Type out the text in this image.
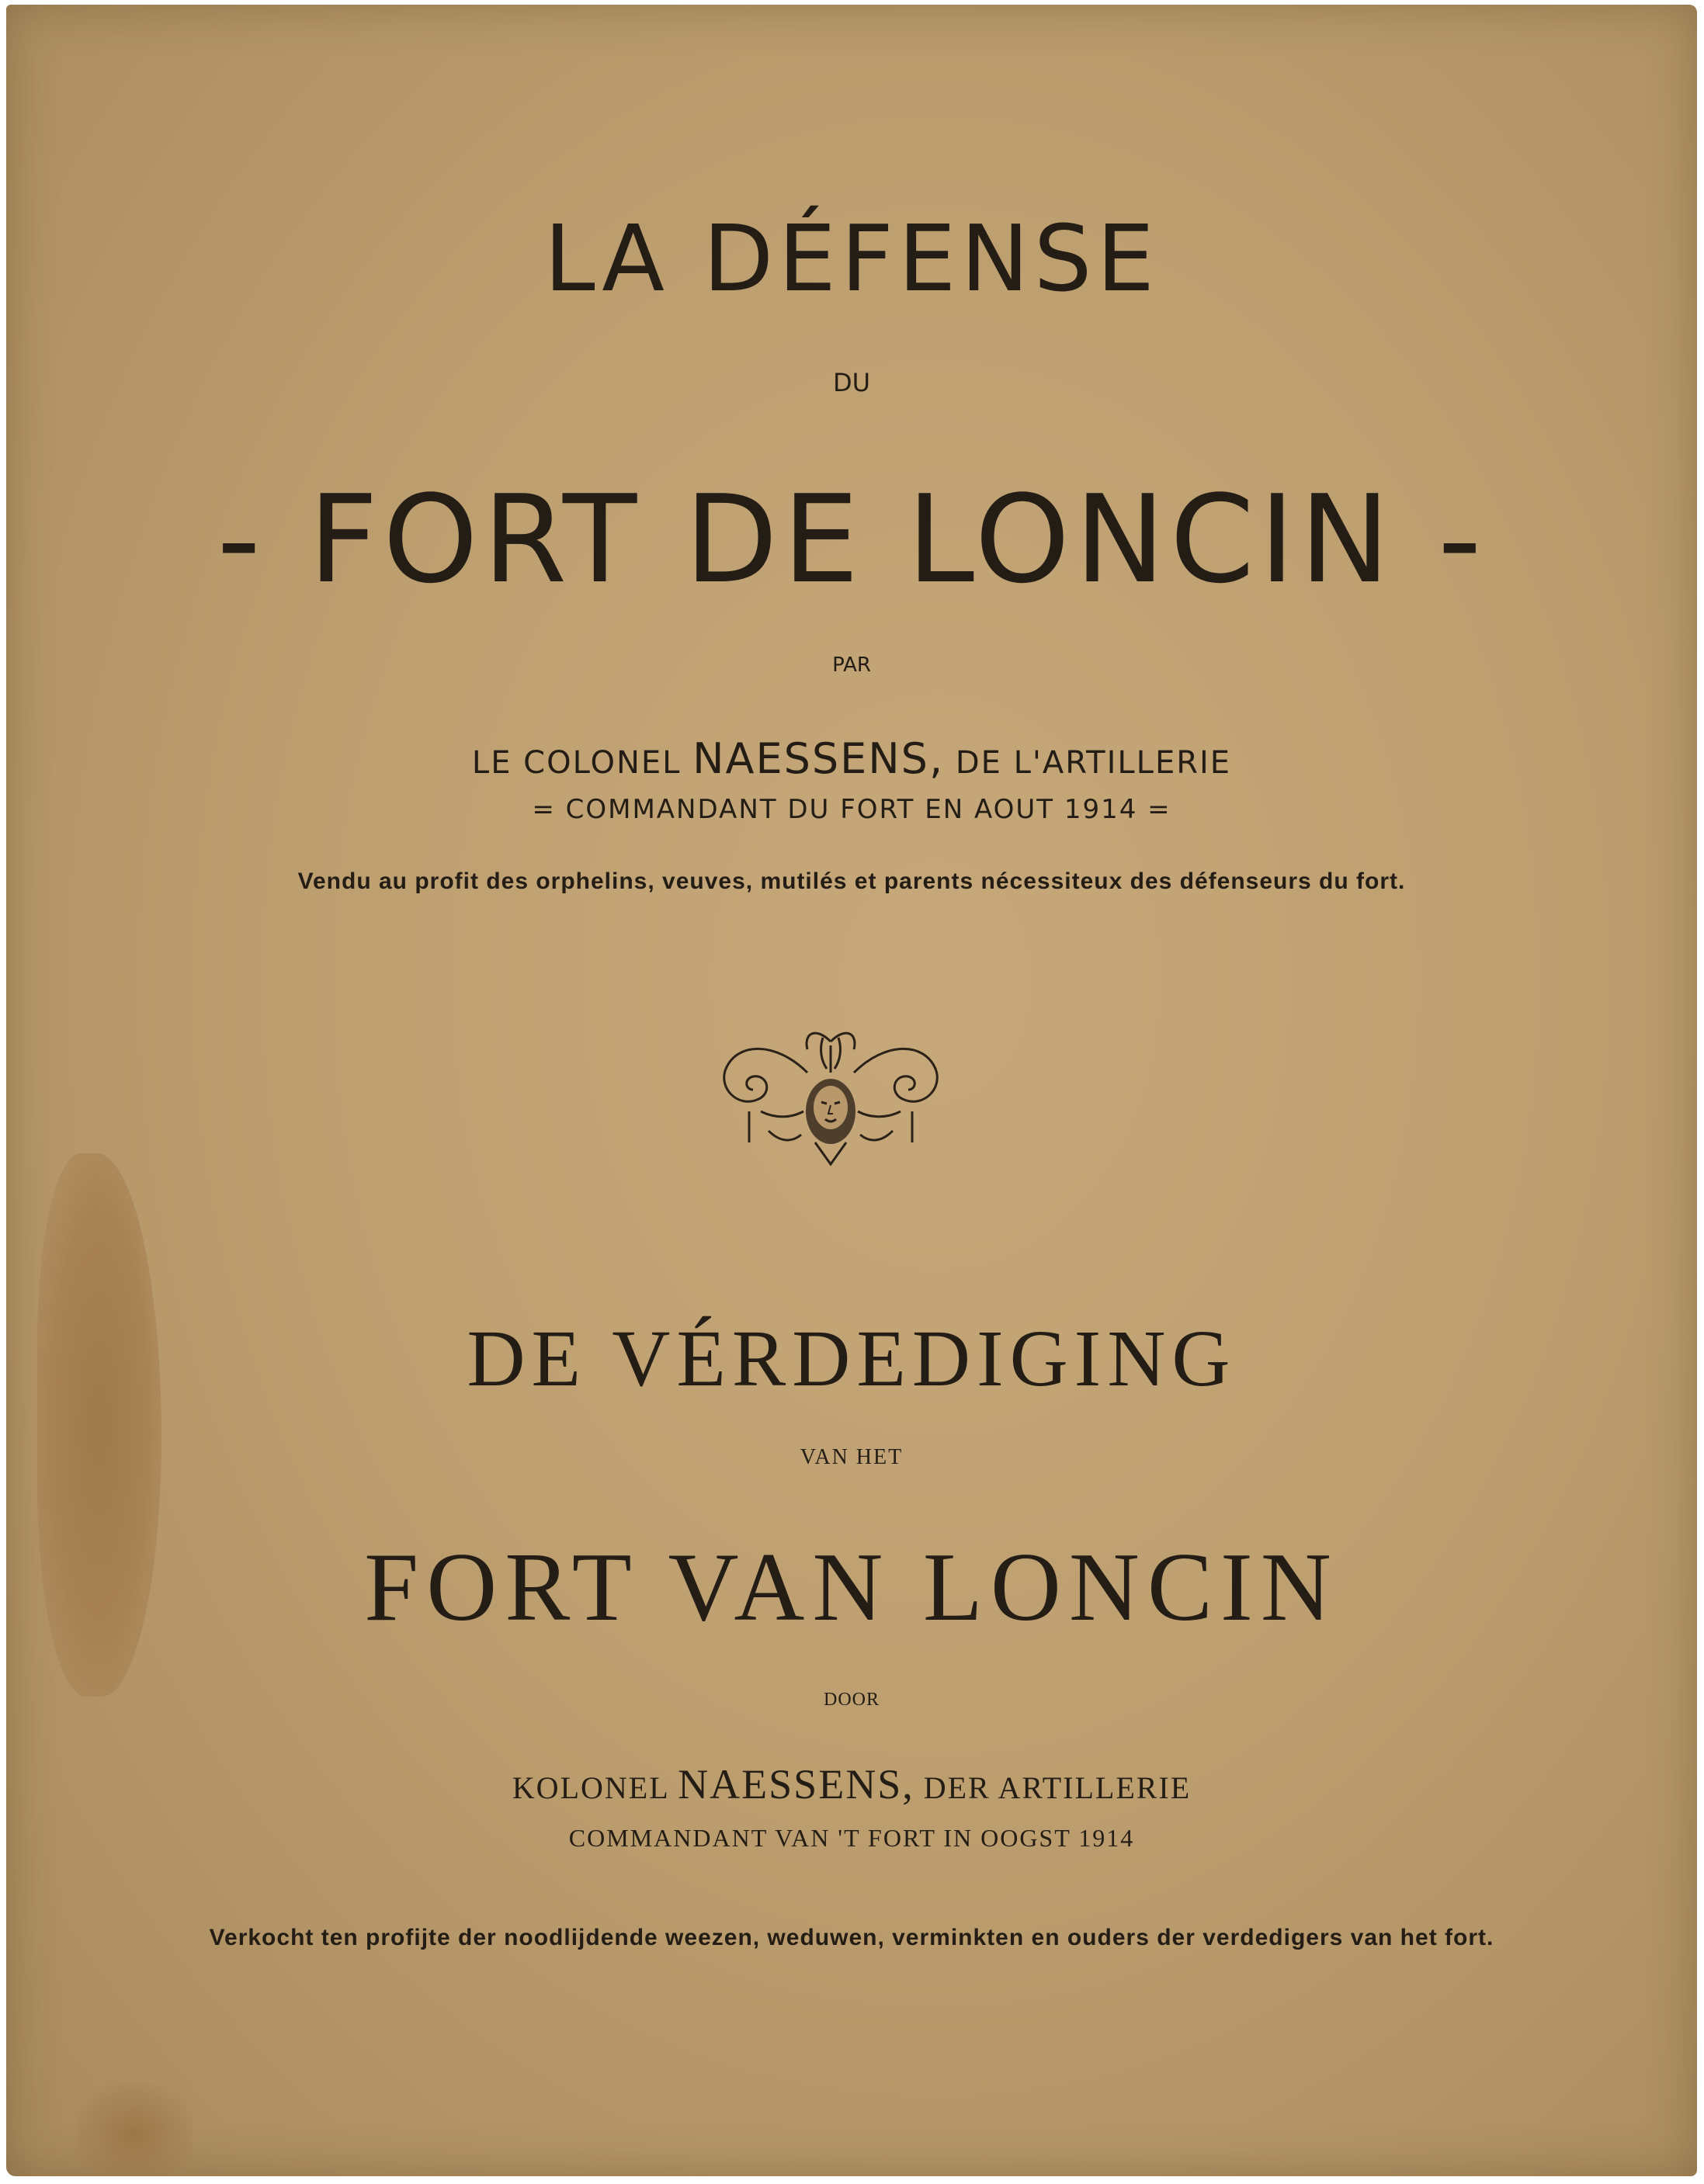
LA DÉFENSE
DU
- FORT DE LONCIN -
PAR
LE COLONEL NAESSENS, DE L'ARTILLERIE
= COMMANDANT DU FORT EN AOUT 1914 =
Vendu au profit des orphelins, veuves, mutilés et parents nécessiteux des défenseurs du fort.
DE VÉRDEDIGING
VAN HET
FORT VAN LONCIN
DOOR
KOLONEL NAESSENS, DER ARTILLERIE
COMMANDANT VAN 'T FORT IN OOGST 1914
Verkocht ten profijte der noodlijdende weezen, weduwen, verminkten en ouders der verdedigers van het fort.
